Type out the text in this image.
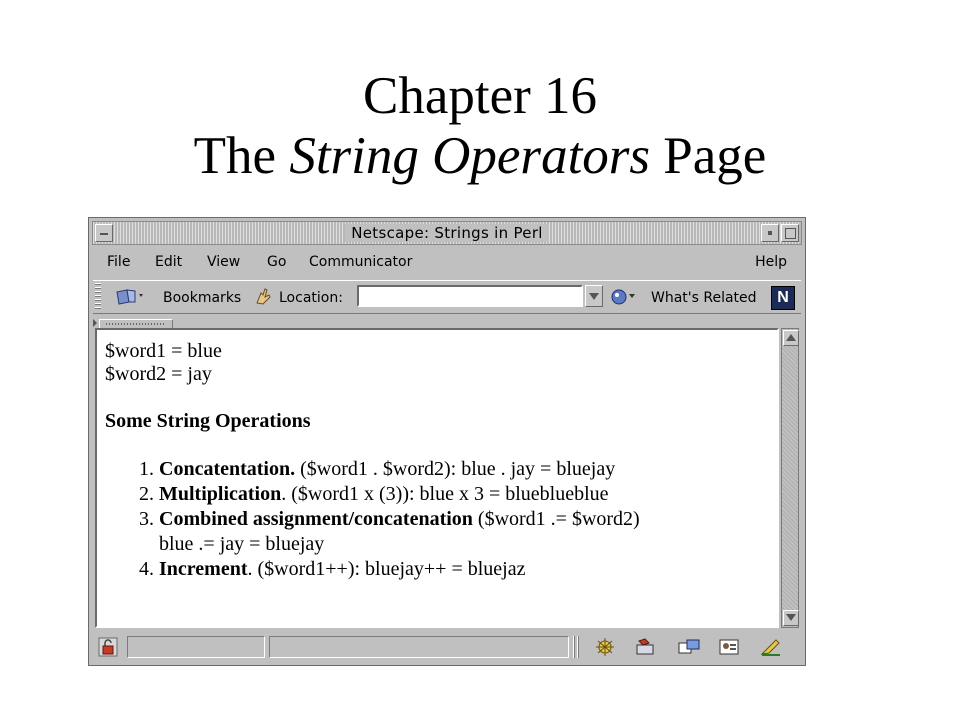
Chapter 16
The String Operators Page
Netscape: Strings in Perl
File Edit View Go Communicator	Help
Bookmarks	Location:	What's Related	N

$word1 = blue

$word2 = jay

Some String Operations

1. Concatentation. ($word1 . $word2): blue . jay = bluejay
2. Multiplication. ($word1 x (3)): blue x 3 = blueblueblue
3. Combined assignment/concatenation ($word1 .= $word2)
blue .= jay = bluejay
4. Increment. ($word1++): bluejay++ = bluejaz
